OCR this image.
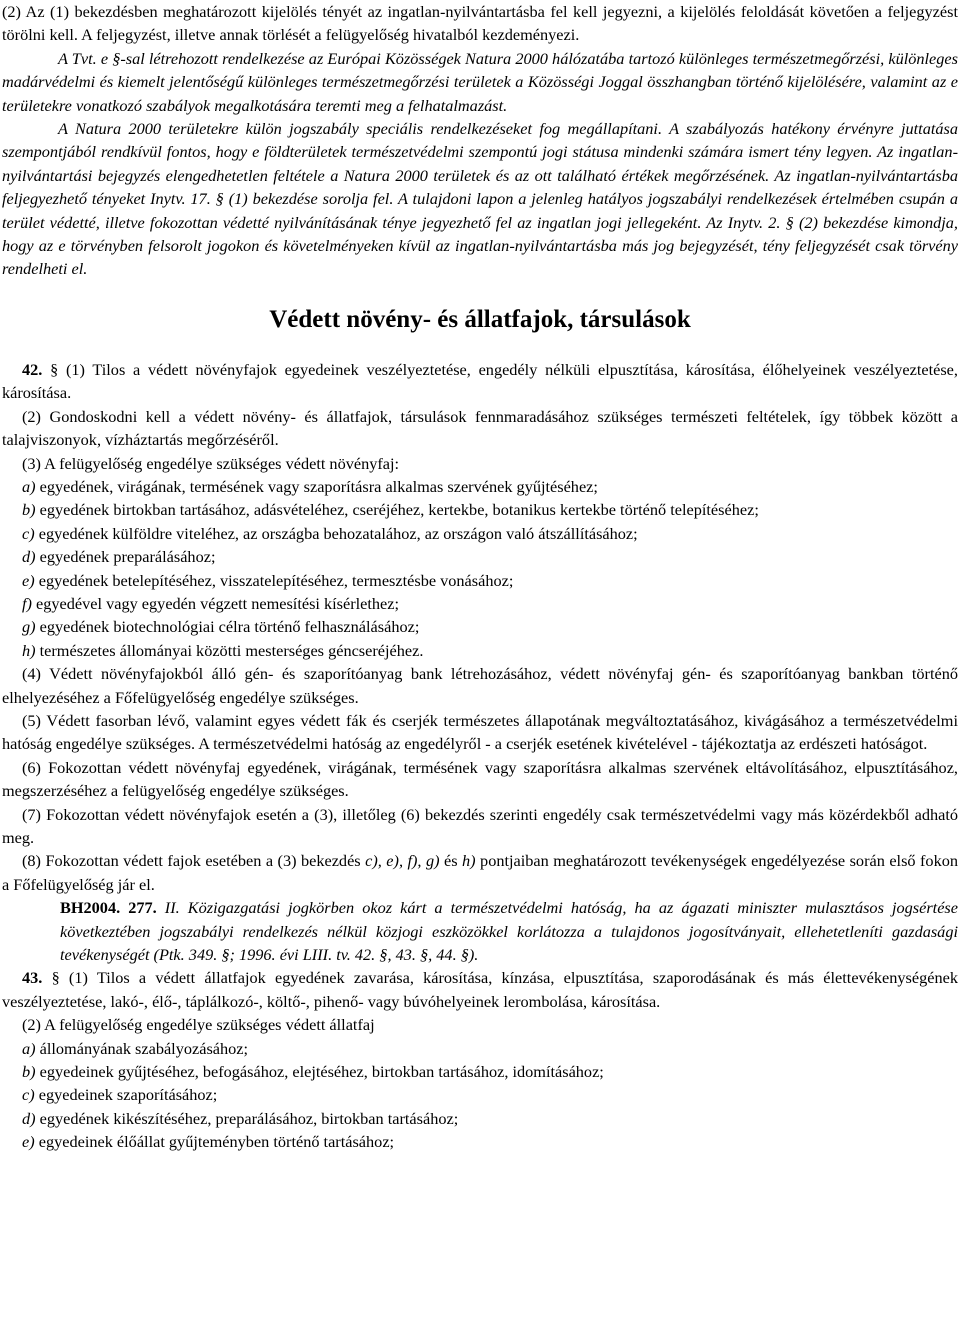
(2) Az (1) bekezdésben meghatározott kijelölés tényét az ingatlan-nyilvántartásba fel kell jegyezni, a kijelölés feloldását követően a feljegyzést törölni kell. A feljegyzést, illetve annak törlését a felügyelőség hivatalból kezdeményezi.

A Tvt. e §-sal létrehozott rendelkezése az Európai Közösségek Natura 2000 hálózatába tartozó különleges természetmegőrzési, különleges madárvédelmi és kiemelt jelentőségű különleges természetmegőrzési területek a Közösségi Joggal összhangban történő kijelölésére, valamint az e területekre vonatkozó szabályok megalkotására teremti meg a felhatalmazást.

A Natura 2000 területekre külön jogszabály speciális rendelkezéseket fog megállapítani. A szabályozás hatékony érvényre juttatása szempontjából rendkívül fontos, hogy e földterületek természetvédelmi szempontú jogi státusa mindenki számára ismert tény legyen. Az ingatlan-nyilvántartási bejegyzés elengedhetetlen feltétele a Natura 2000 területek és az ott található értékek megőrzésének. Az ingatlan-nyilvántartásba feljegyezhető tényeket Inytv. 17. § (1) bekezdése sorolja fel. A tulajdoni lapon a jelenleg hatályos jogszabályi rendelkezések értelmében csupán a terület védetté, illetve fokozottan védetté nyilvánításának ténye jegyezhető fel az ingatlan jogi jellegeként. Az Inytv. 2. § (2) bekezdése kimondja, hogy az e törvényben felsorolt jogokon és követelményeken kívül az ingatlan-nyilvántartásba más jog bejegyzését, tény feljegyzését csak törvény rendelheti el.

Védett növény- és állatfajok, társulások

42. § (1) Tilos a védett növényfajok egyedeinek veszélyeztetése, engedély nélküli elpusztítása, károsítása, élőhelyeinek veszélyeztetése, károsítása.

(2) Gondoskodni kell a védett növény- és állatfajok, társulások fennmaradásához szükséges természeti feltételek, így többek között a talajviszonyok, vízháztartás megőrzéséről.

(3) A felügyelőség engedélye szükséges védett növényfaj:

a) egyedének, virágának, termésének vagy szaporításra alkalmas szervének gyűjtéséhez;

b) egyedének birtokban tartásához, adásvételéhez, cseréjéhez, kertekbe, botanikus kertekbe történő telepítéséhez;

c) egyedének külföldre viteléhez, az országba behozatalához, az országon való átszállításához;

d) egyedének preparálásához;

e) egyedének betelepítéséhez, visszatelepítéséhez, termesztésbe vonásához;

f) egyedével vagy egyedén végzett nemesítési kísérlethez;

g) egyedének biotechnológiai célra történő felhasználásához;

h) természetes állományai közötti mesterséges géncseréjéhez.

(4) Védett növényfajokból álló gén- és szaporítóanyag bank létrehozásához, védett növényfaj gén- és szaporítóanyag bankban történő elhelyezéséhez a Főfelügyelőség engedélye szükséges.

(5) Védett fasorban lévő, valamint egyes védett fák és cserjék természetes állapotának megváltoztatásához, kivágásához a természetvédelmi hatóság engedélye szükséges. A természetvédelmi hatóság az engedélyről - a cserjék esetének kivételével - tájékoztatja az erdészeti hatóságot.

(6) Fokozottan védett növényfaj egyedének, virágának, termésének vagy szaporításra alkalmas szervének eltávolításához, elpusztításához, megszerzéséhez a felügyelőség engedélye szükséges.

(7) Fokozottan védett növényfajok esetén a (3), illetőleg (6) bekezdés szerinti engedély csak természetvédelmi vagy más közérdekből adható meg.

(8) Fokozottan védett fajok esetében a (3) bekezdés c), e), f), g) és h) pontjaiban meghatározott tevékenységek engedélyezése során első fokon a Főfelügyelőség jár el.

BH2004. 277. II. Közigazgatási jogkörben okoz kárt a természetvédelmi hatóság, ha az ágazati miniszter mulasztásos jogsértése következtében jogszabályi rendelkezés nélkül közjogi eszközökkel korlátozza a tulajdonos jogosítványait, ellehetetleníti gazdasági tevékenységét (Ptk. 349. §; 1996. évi LIII. tv. 42. §, 43. §, 44. §).

43. § (1) Tilos a védett állatfajok egyedének zavarása, károsítása, kínzása, elpusztítása, szaporodásának és más élettevékenységének veszélyeztetése, lakó-, élő-, táplálkozó-, költő-, pihenő- vagy búvóhelyeinek lerombolása, károsítása.

(2) A felügyelőség engedélye szükséges védett állatfaj

a) állományának szabályozásához;

b) egyedeinek gyűjtéséhez, befogásához, elejtéséhez, birtokban tartásához, idomításához;

c) egyedeinek szaporításához;

d) egyedének kikészítéséhez, preparálásához, birtokban tartásához;

e) egyedeinek élőállat gyűjteményben történő tartásához;
